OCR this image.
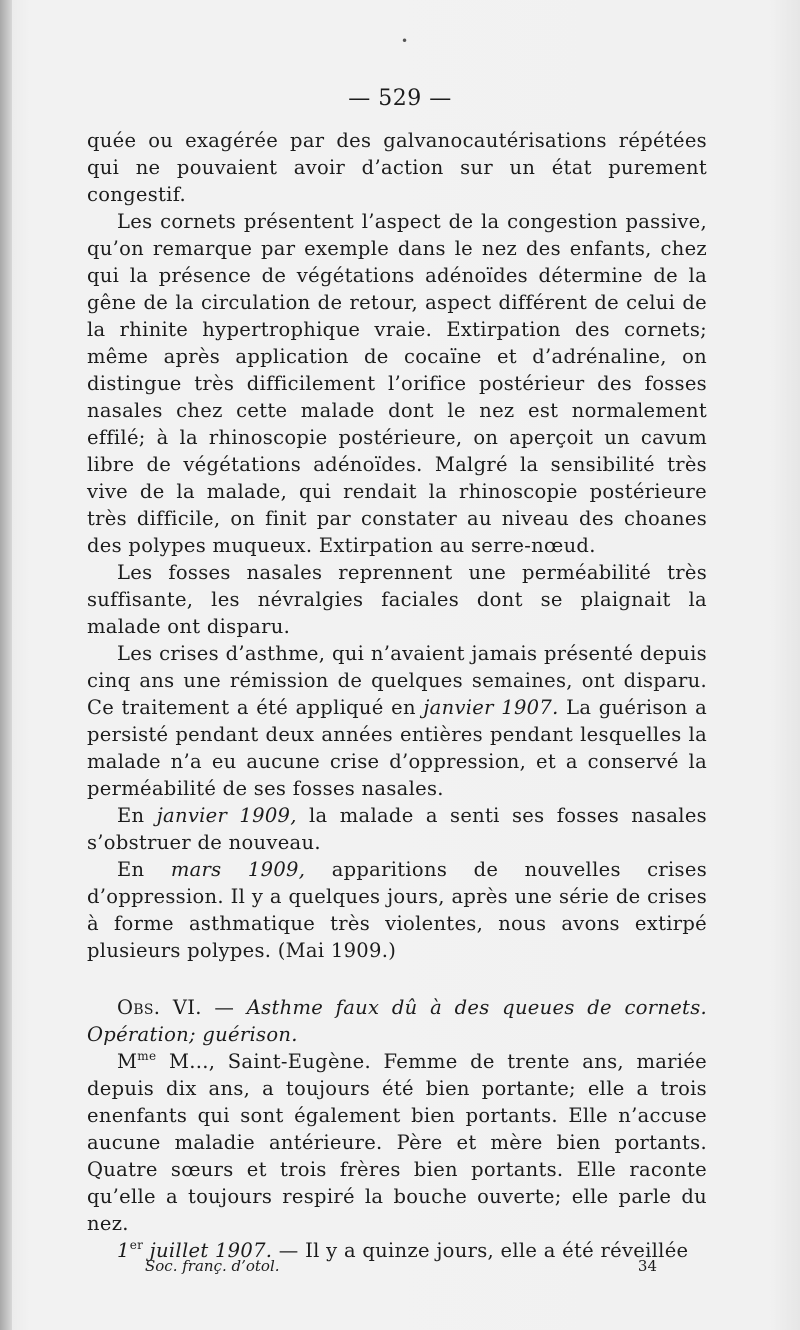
•
— 529 —

quée ou exagérée par des galvanocautérisations répétées qui ne pouvaient avoir d’action sur un état purement congestif.

Les cornets présentent l’aspect de la congestion passive, qu’on remarque par exemple dans le nez des enfants, chez qui la présence de végétations adénoïdes détermine de la gêne de la circulation de retour, aspect différent de celui de la rhinite hypertrophique vraie. Extirpation des cornets; même après application de cocaïne et d’adrénaline, on distingue très difficilement l’orifice postérieur des fosses nasales chez cette malade dont le nez est normalement effilé; à la rhinoscopie postérieure, on aperçoit un cavum libre de végétations adénoïdes. Malgré la sensibilité très vive de la malade, qui rendait la rhinoscopie postérieure très difficile, on finit par constater au niveau des choanes des polypes muqueux. Extirpation au serre-nœud.

Les fosses nasales reprennent une perméabilité très suffisante, les névralgies faciales dont se plaignait la malade ont disparu.

Les crises d’asthme, qui n’avaient jamais présenté depuis cinq ans une rémission de quelques semaines, ont disparu. Ce traitement a été appliqué en janvier 1907. La guérison a persisté pendant deux années entières pendant lesquelles la malade n’a eu aucune crise d’oppression, et a conservé la perméabilité de ses fosses nasales.

En janvier 1909, la malade a senti ses fosses nasales s’obstruer de nouveau.

En mars 1909, apparitions de nouvelles crises d’oppression. Il y a quelques jours, après une série de crises à forme asthmatique très violentes, nous avons extirpé plusieurs polypes. (Mai 1909.)

Obs. VI. — Asthme faux dû à des queues de cornets. Opération; guérison.

$M^{me}$ M..., Saint-Eugène. Femme de trente ans, mariée depuis dix ans, a toujours été bien portante; elle a trois enenfants qui sont également bien portants. Elle n’accuse aucune maladie antérieure. Père et mère bien portants. Quatre sœurs et trois frères bien portants. Elle raconte qu’elle a toujours respiré la bouche ouverte; elle parle du nez.

1er juillet 1907. — Il y a quinze jours, elle a été réveillée

Soc. franç. d’otol.	34
